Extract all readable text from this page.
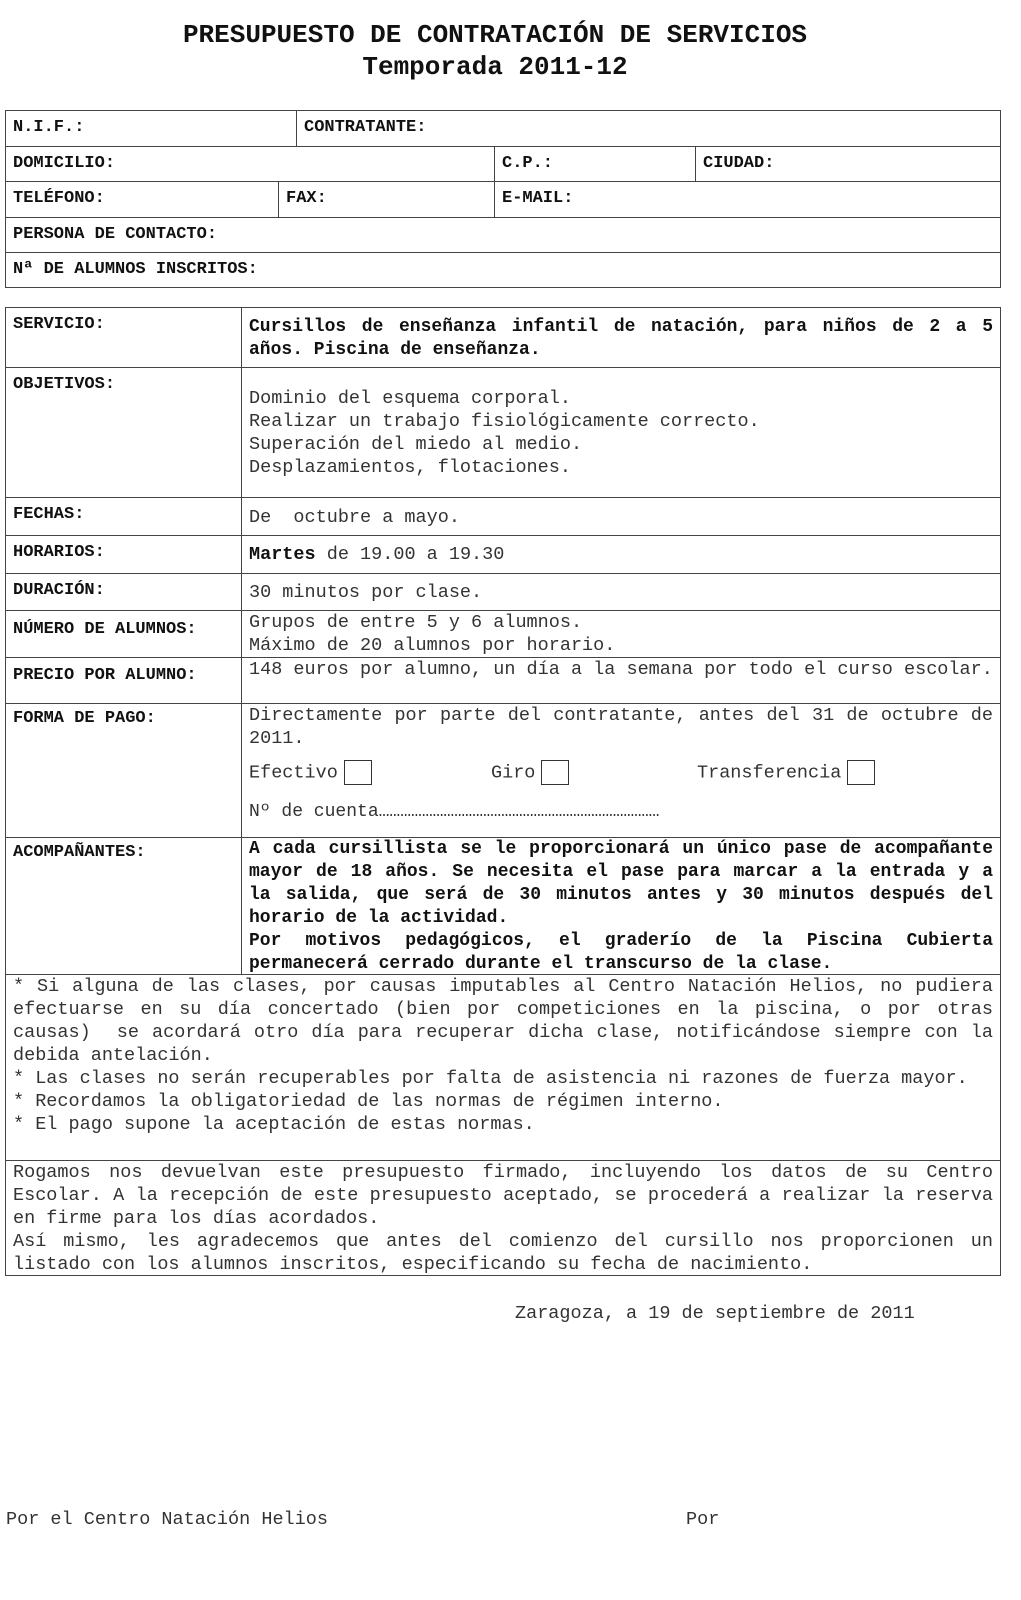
PRESUPUESTO DE CONTRATACIÓN DE SERVICIOS
Temporada 2011-12
N.I.F.:	CONTRATANTE:
DOMICILIO:	C.P.:	CIUDAD:
TELÉFONO:	FAX:	E-MAIL:
PERSONA DE CONTACTO:
Nª DE ALUMNOS INSCRITOS:
SERVICIO:	Cursillos de enseñanza infantil de natación, para niños de 2 a 5 años. Piscina de enseñanza.
OBJETIVOS:

Dominio del esquema corporal.

Realizar un trabajo fisiológicamente correcto.

Superación del miedo al medio.

Desplazamientos, flotaciones.

FECHAS:	De  octubre a mayo.
HORARIOS:	Martes de 19.00 a 19.30
DURACIÓN:	30 minutos por clase.
NÚMERO DE ALUMNOS:	Grupos de entre 5 y 6 alumnos.

Máximo de 20 alumnos por horario.

PRECIO POR ALUMNO:	148 euros por alumno, un día a la semana por todo el curso escolar.
FORMA DE PAGO:	Directamente por parte del contratante, antes del 31 de octubre de 2011.

Efectivo	Giro	Transferencia

Nº de cuenta……………………………………………………………………

ACOMPAÑANTES:	A cada cursillista se le proporcionará un único pase de acompañante mayor de 18 años. Se necesita el pase para marcar a la entrada y a la salida, que será de 30 minutos antes y 30 minutos después del horario de la actividad.

Por motivos pedagógicos, el graderío de la Piscina Cubierta permanecerá cerrado durante el transcurso de la clase.

* Si alguna de las clases, por causas imputables al Centro Natación Helios, no pudiera efectuarse en su día concertado (bien por competiciones en la piscina, o por otras causas)  se acordará otro día para recuperar dicha clase, notificándose siempre con la debida antelación.

* Las clases no serán recuperables por falta de asistencia ni razones de fuerza mayor.

* Recordamos la obligatoriedad de las normas de régimen interno.

* El pago supone la aceptación de estas normas.

Rogamos nos devuelvan este presupuesto firmado, incluyendo los datos de su Centro Escolar. A la recepción de este presupuesto aceptado, se procederá a realizar la reserva en firme para los días acordados.

Así mismo, les agradecemos que antes del comienzo del cursillo nos proporcionen un listado con los alumnos inscritos, especificando su fecha de nacimiento.

Zaragoza, a 19 de septiembre de 2011
Por el Centro Natación Helios	Por
